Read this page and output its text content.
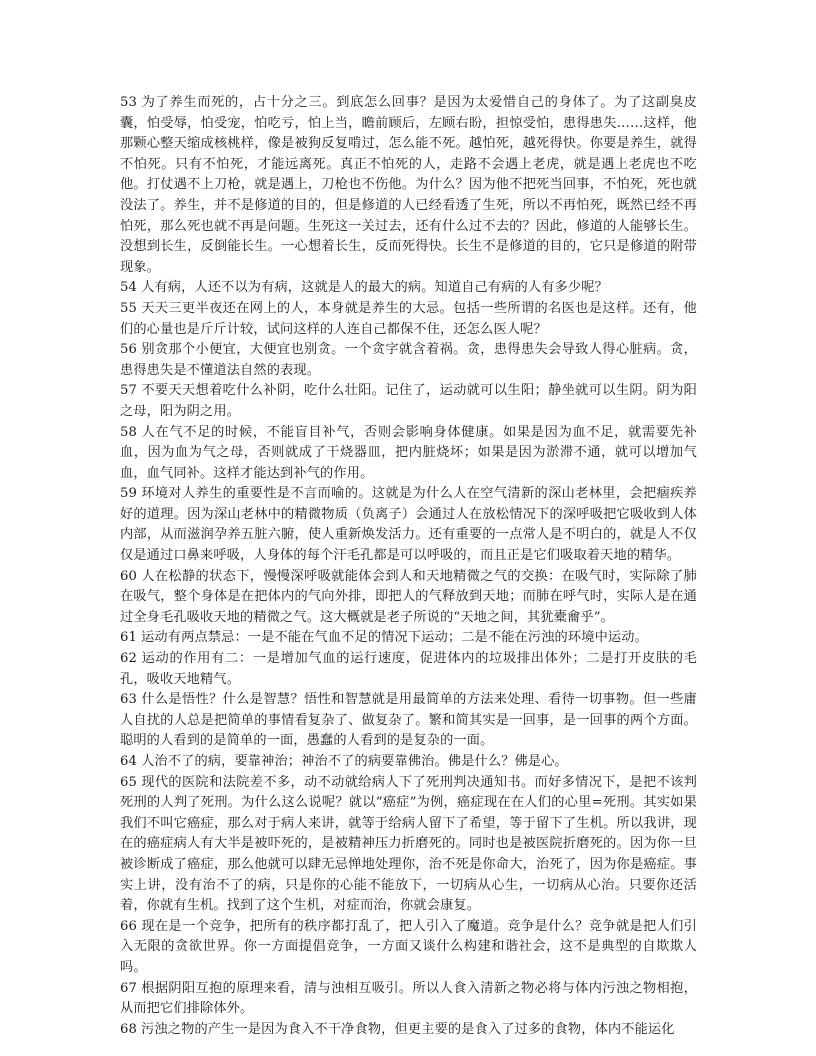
53 为了养生而死的，占十分之三。到底怎么回事？是因为太爱惜自己的身体了。为了这副臭皮囊，怕受辱，怕受宠，怕吃亏，怕上当，瞻前顾后，左顾右盼，担惊受怕，患得患失……这样，他那颗心整天缩成核桃样，像是被狗反复啃过，怎么能不死。越怕死，越死得快。你要是养生，就得不怕死。只有不怕死，才能远离死。真正不怕死的人，走路不会遇上老虎，就是遇上老虎也不吃他。打仗遇不上刀枪，就是遇上，刀枪也不伤他。为什么？因为他不把死当回事，不怕死，死也就没法了。养生，并不是修道的目的，但是修道的人已经看透了生死，所以不再怕死，既然已经不再怕死，那么死也就不再是问题。生死这一关过去，还有什么过不去的？因此，修道的人能够长生。没想到长生，反倒能长生。一心想着长生，反而死得快。长生不是修道的目的，它只是修道的附带现象。

54 人有病，人还不以为有病，这就是人的最大的病。知道自己有病的人有多少呢？

55 天天三更半夜还在网上的人，本身就是养生的大忌。包括一些所谓的名医也是这样。还有，他们的心量也是斤斤计较，试问这样的人连自己都保不住，还怎么医人呢？

56 别贪那个小便宜，大便宜也别贪。一个贪字就含着祸。贪，患得患失会导致人得心脏病。贪，患得患失是不懂道法自然的表现。

57 不要天天想着吃什么补阴，吃什么壮阳。记住了，运动就可以生阳；静坐就可以生阴。阴为阳之母，阳为阴之用。

58 人在气不足的时候，不能盲目补气，否则会影响身体健康。如果是因为血不足，就需要先补血，因为血为气之母，否则就成了干烧器皿，把内脏烧坏；如果是因为淤滞不通，就可以增加气血，血气同补。这样才能达到补气的作用。

59 环境对人养生的重要性是不言而喻的。这就是为什么人在空气清新的深山老林里，会把痼疾养好的道理。因为深山老林中的精微物质（负离子）会通过人在放松情况下的深呼吸把它吸收到人体内部，从而滋润孕养五脏六腑，使人重新焕发活力。还有重要的一点常人是不明白的，就是人不仅仅是通过口鼻来呼吸，人身体的每个汗毛孔都是可以呼吸的，而且正是它们吸取着天地的精华。

60 人在松静的状态下，慢慢深呼吸就能体会到人和天地精微之气的交换：在吸气时，实际除了肺在吸气，整个身体是在把体内的气向外排，即把人的气释放到天地；而肺在呼气时，实际人是在通过全身毛孔吸收天地的精微之气。这大概就是老子所说的“天地之间，其犹橐龠乎”。

61 运动有两点禁忌：一是不能在气血不足的情况下运动；二是不能在污浊的环境中运动。

62 运动的作用有二：一是增加气血的运行速度，促进体内的垃圾排出体外；二是打开皮肤的毛孔，吸收天地精气。

63 什么是悟性？什么是智慧？悟性和智慧就是用最简单的方法来处理、看待一切事物。但一些庸人自扰的人总是把简单的事情看复杂了、做复杂了。繁和简其实是一回事，是一回事的两个方面。聪明的人看到的是简单的一面，愚蠢的人看到的是复杂的一面。

64 人治不了的病，要靠神治；神治不了的病要靠佛治。佛是什么？佛是心。

65 现代的医院和法院差不多，动不动就给病人下了死刑判决通知书。而好多情况下，是把不该判死刑的人判了死刑。为什么这么说呢？就以“癌症”为例，癌症现在在人们的心里=死刑。其实如果我们不叫它癌症，那么对于病人来讲，就等于给病人留下了希望，等于留下了生机。所以我讲，现在的癌症病人有大半是被吓死的，是被精神压力折磨死的。同时也是被医院折磨死的。因为你一旦被诊断成了癌症，那么他就可以肆无忌惮地处理你，治不死是你命大，治死了，因为你是癌症。事实上讲，没有治不了的病，只是你的心能不能放下，一切病从心生，一切病从心治。只要你还活着，你就有生机。找到了这个生机，对症而治，你就会康复。

66 现在是一个竞争，把所有的秩序都打乱了，把人引入了魔道。竞争是什么？竞争就是把人们引入无限的贪欲世界。你一方面提倡竞争，一方面又谈什么构建和谐社会，这不是典型的自欺欺人吗。

67 根据阴阳互抱的原理来看，清与浊相互吸引。所以人食入清新之物必将与体内污浊之物相抱，从而把它们排除体外。

68 污浊之物的产生一是因为食入不干净食物，但更主要的是食入了过多的食物，体内不能运化
